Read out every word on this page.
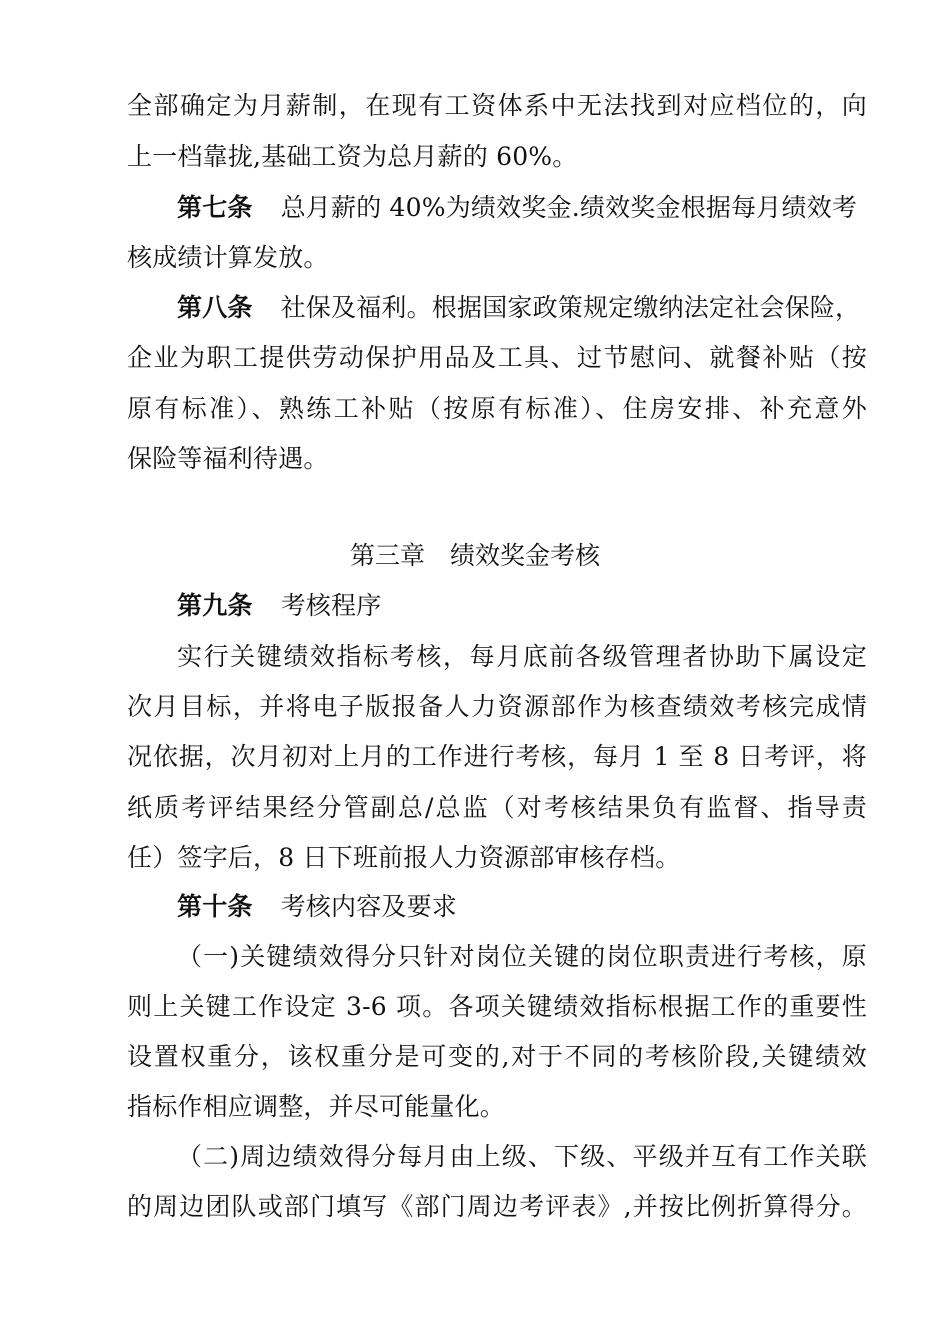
全部确定为月薪制，在现有工资体系中无法找到对应档位的，向
上一档靠拢,基础工资为总月薪的 60%。
第七条 总月薪的 40%为绩效奖金.绩效奖金根据每月绩效考
核成绩计算发放。
第八条 社保及福利。根据国家政策规定缴纳法定社会保险，
企业为职工提供劳动保护用品及工具、过节慰问、就餐补贴（按
原有标准）、熟练工补贴（按原有标准）、住房安排、补充意外
保险等福利待遇。
第三章　绩效奖金考核
第九条 考核程序
实行关键绩效指标考核，每月底前各级管理者协助下属设定
次月目标，并将电子版报备人力资源部作为核查绩效考核完成情
况依据，次月初对上月的工作进行考核，每月 1 至 8 日考评，将
纸质考评结果经分管副总/总监（对考核结果负有监督、指导责
任）签字后，8 日下班前报人力资源部审核存档。
第十条 考核内容及要求
（一)关键绩效得分只针对岗位关键的岗位职责进行考核，原
则上关键工作设定 3-6 项。各项关键绩效指标根据工作的重要性
设置权重分，该权重分是可变的,对于不同的考核阶段,关键绩效
指标作相应调整，并尽可能量化。
（二)周边绩效得分每月由上级、下级、平级并互有工作关联
的周边团队或部门填写《部门周边考评表》,并按比例折算得分。
